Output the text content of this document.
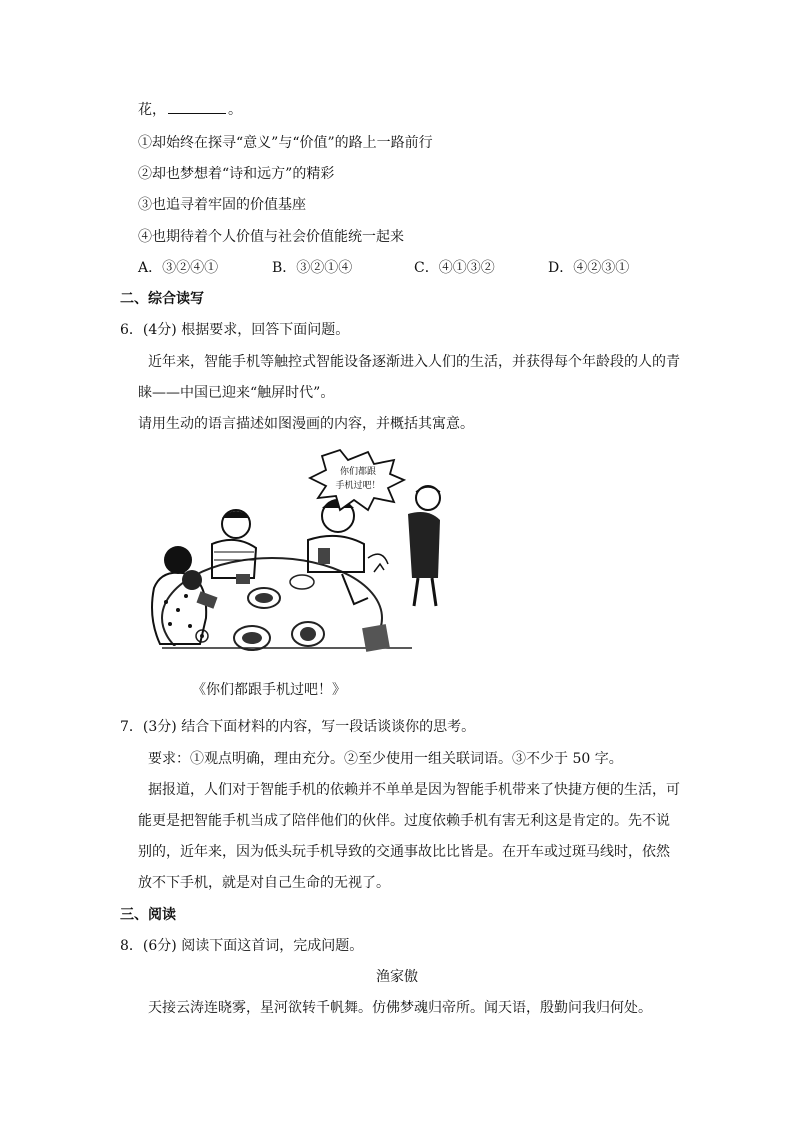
花，	。
①却始终在探寻“意义”与“价值”的路上一路前行
②却也梦想着“诗和远方”的精彩
③也追寻着牢固的价值基座
④也期待着个人价值与社会价值能统一起来
A．③②④①	B．③②①④	C．④①③②	D．④②③①
二、综合读写
6．(4分) 根据要求，回答下面问题。
近年来，智能手机等触控式智能设备逐渐进入人们的生活，并获得每个年龄段的人的青
睐——中国已迎来“触屏时代”。
请用生动的语言描述如图漫画的内容，并概括其寓意。
你们都跟
手机过吧！
《你们都跟手机过吧！》
7．(3分) 结合下面材料的内容，写一段话谈谈你的思考。
要求：①观点明确，理由充分。②至少使用一组关联词语。③不少于 50 字。
据报道，人们对于智能手机的依赖并不单单是因为智能手机带来了快捷方便的生活，可
能更是把智能手机当成了陪伴他们的伙伴。过度依赖手机有害无利这是肯定的。先不说
别的，近年来，因为低头玩手机导致的交通事故比比皆是。在开车或过斑马线时，依然
放不下手机，就是对自己生命的无视了。
三、阅读
8．(6分) 阅读下面这首词，完成问题。
渔家傲
天接云涛连晓雾，星河欲转千帆舞。仿佛梦魂归帝所。闻天语，殷勤问我归何处。
